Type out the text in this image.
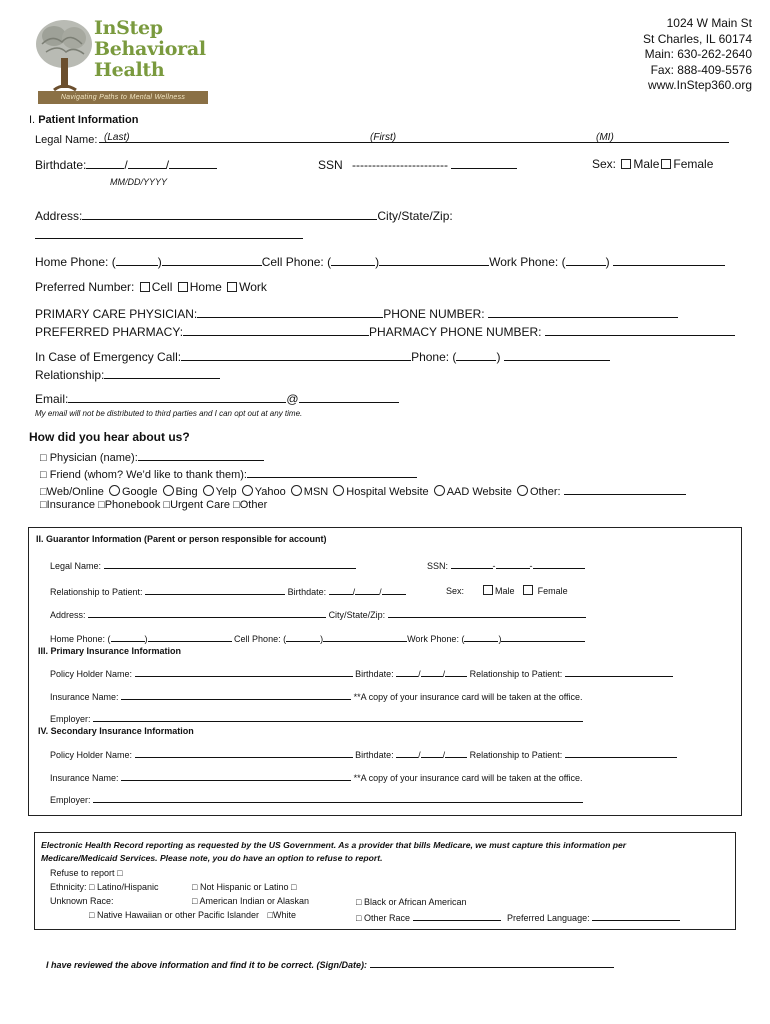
InStep
Behavioral
Health
Navigating Paths to Mental Wellness
1024 W Main St
St Charles, IL 60174
Main: 630-262-2640
Fax: 888-409-5576
www.InStep360.org
I. Patient Information
Legal Name: (Last)	(First)	(MI)
Birthdate:	/	/
MM/DD/YYYY
SSN ------------------------	Sex: Male Female
Address:	City/State/Zip:
Home Phone: (	)	Cell Phone: (	)	Work Phone: (	)
Preferred Number: Cell Home Work
PRIMARY CARE PHYSICIAN:	PHONE NUMBER:
PREFERRED PHARMACY:	PHARMACY PHONE NUMBER:
In Case of Emergency Call:	Phone: (	)
Relationship:
Email:	@
My email will not be distributed to third parties and I can opt out at any time.
How did you hear about us?
□ Physician (name):
□ Friend (whom? We’d like to thank them):
□Web/Online Google Bing Yelp Yahoo MSN Hospital Website AAD Website Other:
□Insurance □Phonebook □Urgent Care □Other
II. Guarantor Information (Parent or person responsible for account)
Legal Name:	SSN:	-	-
Relationship to Patient:	Birthdate:	/	/	Sex:	Male	Female
Address:	City/State/Zip:
Home Phone: (	)	Cell Phone: (	)	Work Phone: (	)
III. Primary Insurance Information
Policy Holder Name:	Birthdate:	/ /	Relationship to Patient:
Insurance Name:	**A copy of your insurance card will be taken at the office.
Employer:
IV. Secondary Insurance Information
Policy Holder Name:	Birthdate:	/ /	Relationship to Patient:
Insurance Name:	**A copy of your insurance card will be taken at the office.
Employer:
Electronic Health Record reporting as requested by the US Government. As a provider that bills Medicare, we must capture this information per
Medicare/Medicaid Services. Please note, you do have an option to refuse to report.
Refuse to report □
Ethnicity: □ Latino/Hispanic	□ Not Hispanic or Latino □
Unknown Race:	□ American Indian or Alaskan	□ Black or African American
□ Native Hawaiian or other Pacific Islander □White	□ Other Race	Preferred Language:
I have reviewed the above information and find it to be correct. (Sign/Date):
